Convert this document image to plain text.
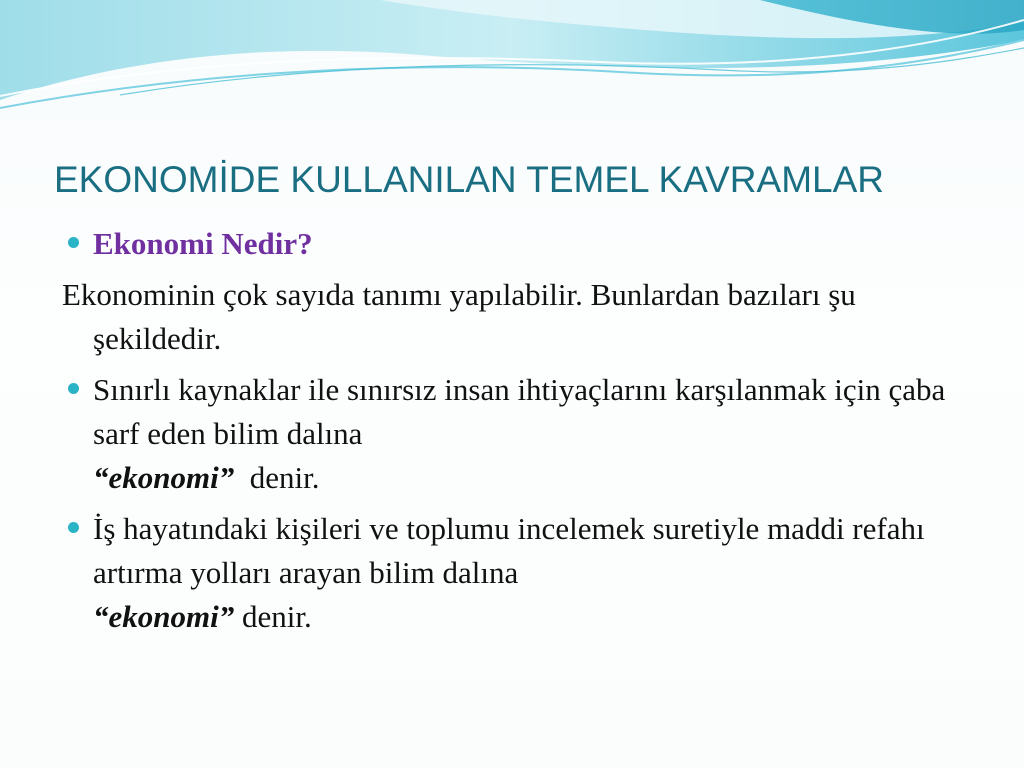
EKONOMİDE KULLANILAN TEMEL KAVRAMLAR

Ekonomi Nedir?

Ekonominin çok sayıda tanımı yapılabilir. Bunlardan bazıları şu şekildedir.

Sınırlı kaynaklar ile sınırsız insan ihtiyaçlarını karşılanmak için çaba sarf eden bilim dalına
“ekonomi”  denir.

İş hayatındaki kişileri ve toplumu incelemek suretiyle maddi refahı artırma yolları arayan bilim dalına
“ekonomi” denir.
